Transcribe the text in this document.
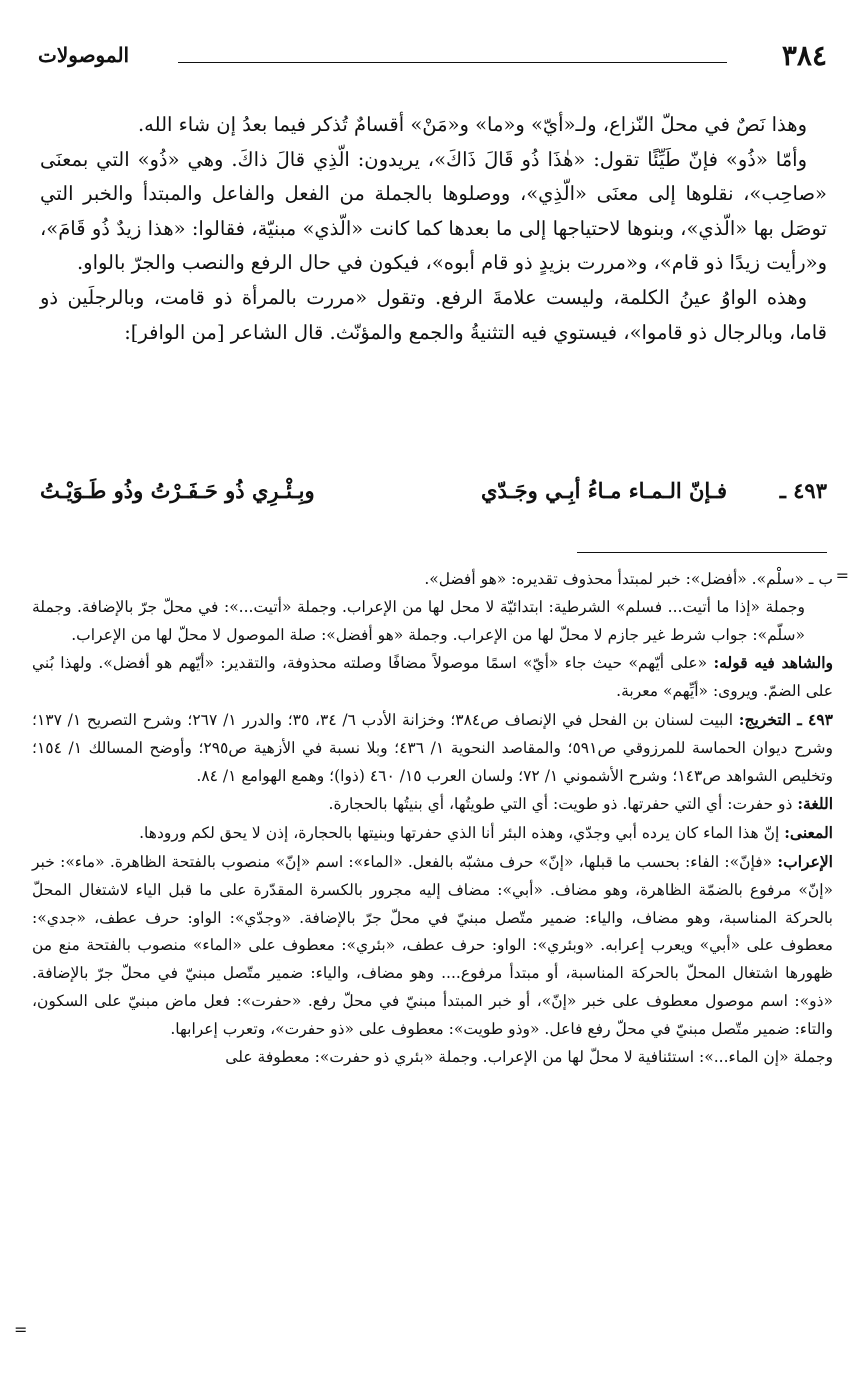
٣٨٤
الموصولات

وهذا نَصٌ في محلّ النّزاع، ولـ«أيّ» و«ما» و«مَنْ» أقسامٌ تُذكر فيما بعدُ إن شاء الله.

وأمّا «ذُو» فإنّ طَيِّئًا تقول: «هٰذَا ذُو قَالَ ذَاكَ»، يريدون: الّذِي قالَ ذاكَ. وهي «ذُو» التي بمعنَى «صاحِب»، نقلوها إلى معنَى «الّذِي»، ووصلوها بالجملة من الفعل والفاعل والمبتدأ والخبر التي توصَل بها «الّذي»، وبنوها لاحتياجها إلى ما بعدها كما كانت «الّذي» مبنيّة، فقالوا: «هذا زيدٌ ذُو قَامَ»، و«رأيت زيدًا ذو قام»، و«مررت بزيدٍ ذو قام أبوه»، فيكون في حال الرفع والنصب والجرّ بالواو.

وهذه الواوُ عينُ الكلمة، وليست علامةَ الرفع. وتقول «مررت بالمرأة ذو قامت، وبالرجلَين ذو قاما، وبالرجال ذو قاموا»، فيستوي فيه التثنيةُ والجمع والمؤنّث. قال الشاعر [من الوافر]:

٤٩٣ ـ
فـإنّ الـمـاء مـاءُ أبِـي وجَـدّي
وبِـئْـرِي ذُو حَـفَـرْتُ وذُو طَـوَيْـتُ
=

ب ـ «سلْم». «أفضل»: خبر لمبتدأ محذوف تقديره: «هو أفضل».

وجملة «إذا ما أتيت... فسلم» الشرطية: ابتدائيّة لا محل لها من الإعراب. وجملة «أتيت...»: في محلّ جرّ بالإضافة. وجملة «سلّم»: جواب شرط غير جازم لا محلّ لها من الإعراب. وجملة «هو أفضل»: صلة الموصول لا محلّ لها من الإعراب.

والشاهد فيه قوله: «على أيّهم» حيث جاء «أيّ» اسمًا موصولاً مضافًا وصلته محذوفة، والتقدير: «أيّهم هو أفضل». ولهذا بُني على الضمّ. ويروى: «أيِّهم» معربة.

٤٩٣ ـ التخريج: البيت لسنان بن الفحل في الإنصاف ص٣٨٤؛ وخزانة الأدب ٦/ ٣٤، ٣٥؛ والدرر ١/ ٢٦٧؛ وشرح التصريح ١/ ١٣٧؛ وشرح ديوان الحماسة للمرزوقي ص٥٩١؛ والمقاصد النحوية ١/ ٤٣٦؛ وبلا نسبة في الأزهية ص٢٩٥؛ وأوضح المسالك ١/ ١٥٤؛ وتخليص الشواهد ص١٤٣؛ وشرح الأشموني ١/ ٧٢؛ ولسان العرب ١٥/ ٤٦٠ (ذوا)؛ وهمع الهوامع ١/ ٨٤.

اللغة: ذو حفرت: أي التي حفرتها. ذو طويت: أي التي طويتُها، أي بنيتُها بالحجارة.

المعنى: إنّ هذا الماء كان يرده أبي وجدّي، وهذه البئر أنا الذي حفرتها وبنيتها بالحجارة، إذن لا يحق لكم ورودها.

الإعراب: «فإنّ»: الفاء: بحسب ما قبلها، «إنّ» حرف مشبّه بالفعل. «الماء»: اسم «إنّ» منصوب بالفتحة الظاهرة. «ماء»: خبر «إنّ» مرفوع بالضمّة الظاهرة، وهو مضاف. «أبي»: مضاف إليه مجرور بالكسرة المقدّرة على ما قبل الياء لاشتغال المحلّ بالحركة المناسبة، وهو مضاف، والياء: ضمير متّصل مبنيّ في محلّ جرّ بالإضافة. «وجدّي»: الواو: حرف عطف، «جدي»: معطوف على «أبي» ويعرب إعرابه. «وبئري»: الواو: حرف عطف، «بئري»: معطوف على «الماء» منصوب بالفتحة منع من ظهورها اشتغال المحلّ بالحركة المناسبة، أو مبتدأ مرفوع.... وهو مضاف، والياء: ضمير متّصل مبنيّ في محلّ جرّ بالإضافة. «ذو»: اسم موصول معطوف على خبر «إنّ»، أو خبر المبتدأ مبنيّ في محلّ رفع. «حفرت»: فعل ماض مبنيّ على السكون، والتاء: ضمير متّصل مبنيّ في محلّ رفع فاعل. «وذو طويت»: معطوف على «ذو حفرت»، وتعرب إعرابها.

وجملة «إن الماء...»: استئنافية لا محلّ لها من الإعراب. وجملة «بئري ذو حفرت»: معطوفة على

=
